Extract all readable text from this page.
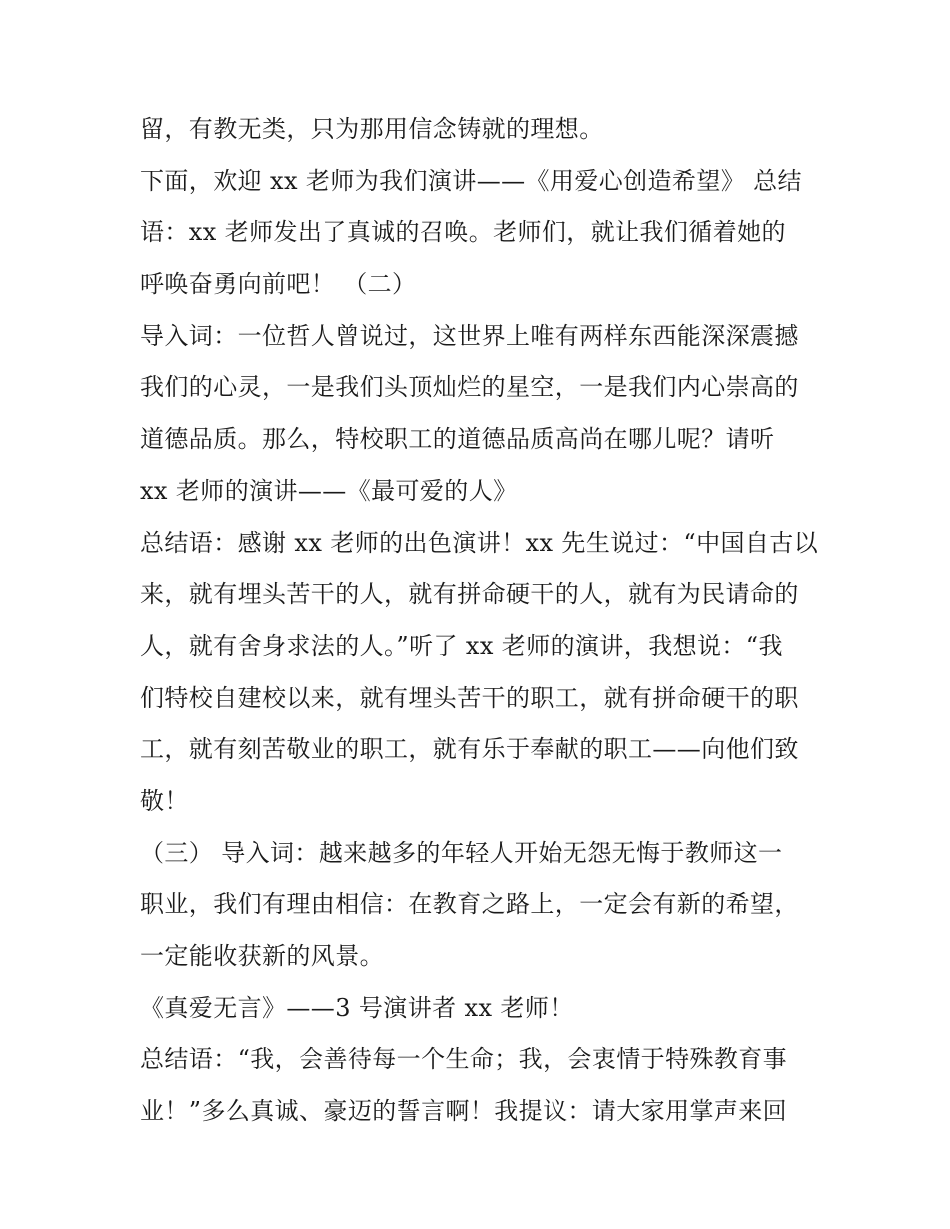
留，有教无类，只为那用信念铸就的理想。
下面，欢迎 xx 老师为我们演讲——《用爱心创造希望》 总结
语：xx 老师发出了真诚的召唤。老师们，就让我们循着她的
呼唤奋勇向前吧！ （二）
导入词：一位哲人曾说过，这世界上唯有两样东西能深深震撼
我们的心灵，一是我们头顶灿烂的星空，一是我们内心崇高的
道德品质。那么，特校职工的道德品质高尚在哪儿呢？请听
xx 老师的演讲——《最可爱的人》
总结语：感谢 xx 老师的出色演讲！xx 先生说过：“中国自古以
来，就有埋头苦干的人，就有拼命硬干的人，就有为民请命的
人，就有舍身求法的人。”听了 xx 老师的演讲，我想说：“我
们特校自建校以来，就有埋头苦干的职工，就有拼命硬干的职
工，就有刻苦敬业的职工，就有乐于奉献的职工——向他们致
敬！
（三） 导入词：越来越多的年轻人开始无怨无悔于教师这一
职业，我们有理由相信：在教育之路上，一定会有新的希望，
一定能收获新的风景。
《真爱无言》——3 号演讲者 xx 老师！
总结语：“我，会善待每一个生命；我，会衷情于特殊教育事
业！”多么真诚、豪迈的誓言啊！我提议：请大家用掌声来回
